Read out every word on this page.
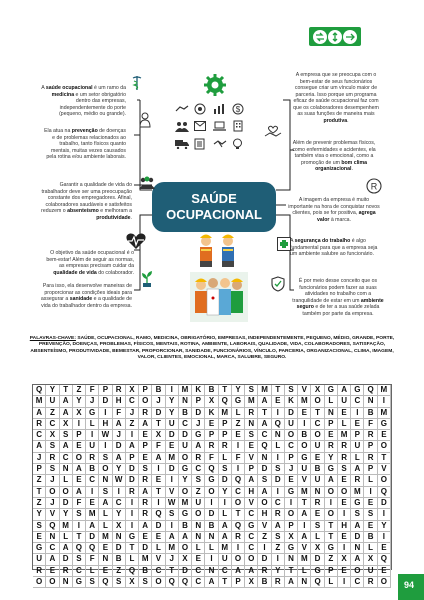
SAÚDE
OCUPACIONAL
A saúde ocupacional é um ramo da medicina e um setor obrigatório dentro das empresas, independentemente do porte (pequeno, médio ou grande).
Ela atua na prevenção de doenças e de problemas relacionados ao trabalho, tanto físicos quanto mentais, muitas vezes causados pela rotina e/ou ambiente laborais.
Garantir a qualidade de vida do trabalhador deve ser uma preocupação constante dos empregadores. Afinal, colaboradores saudáveis e satisfeitos reduzem o absenteísmo e melhoram a produtividade.
O objetivo da saúde ocupacional é o bem-estar! Além de seguir as normas, as empresas precisam cuidar da qualidade de vida do colaborador.
Para isso, ela desenvolve maneiras de proporcionar as condições ideais para assegurar a sanidade e a qualidade de vida do trabalhador dentro da empresa.
A empresa que se preocupa com o bem-estar de seus funcionários consegue criar um vínculo maior de parceria. Isso porque um programa eficaz de saúde ocupacional faz com que os colaboradores desempenhem as suas funções de maneira mais produtiva.
Além de prevenir problemas físicos, como enfermidades e acidentes, ela também visa o emocional, como a promoção de um bom clima organizacional.
A imagem da empresa é muito importante na hora de conquistar novos clientes, pois se for positiva, agrega valor à marca.
A segurança do trabalho é algo fundamental para que a empresa seja um ambiente salubre ao funcionário.
É por meio desse conceito que os funcionários podem fazer as suas atividades no trabalho com a tranquilidade de estar em um ambiente seguro e de ter a sua saúde zelada também por parte da empresa.
$
R
PALAVRAS-CHAVE: SAÚDE, OCUPACIONAL, RAMO, MEDICINA, OBRIGATÓRIO, EMPRESAS, INDEPENDENTEMENTE, PEQUENO, MÉDIO, GRANDE, PORTE, PREVENÇÃO, DOENÇAS, PROBLEMAS, FÍSICOS, MENTAIS, ROTINA, AMBIENTE, LABORAIS, QUALIDADE, VIDA, COLABORADORES, SATISFAÇÃO, ABSENTEÍSMO, PRODUTIVIDADE, BEMESTAR, PROPORCIONAR, SANIDADE, FUNCIONÁRIOS, VÍNCULO, PARCERIA, ORGANIZACIONAL, CLIMA, IMAGEM, VALOR, CLIENTES, EMOCIONAL, MARCA, SALUBRE, SEGURO.
Q Y	T	Z	F	P R X P B	I	M K B T	Y S M T	S V X G A G Q M
M U A Y	J	D H C O J	Y N P X Q G M A E K M O L U C N	I
A Z A X G	I	F	J	R D Y B D K M L R T	I	D E	T N E	I	B M
R C X	I	L H A Z A T U C	J	E P	Z N A Q U	I	C P	L	E	F G
C X S P	I	W J	I	E X D D G P P E S C N O B O E M P R E
A S A E U	I	D A P	F	E U A R R	I	E Q L C O U R R U P O
J	R C O R S A P E A M O R F	L	F	V N	I	P G E Y R L R T
P S N A B O Y D S	I	D G C Q S	I	P D S	J	U B G S A P V
Z	J	L	E C N W D R E	I	Y S G D Q A S D E V U A E R L O
T O O A	I	S	I	R A T	V O Z O Y C H A	I	G M N O O M	I	Q
Z	J	D F	E A C	I	R	I	W M U	I	I	O V O C	I	T R	I	E G E D
Y V Y S M L	Y	I	R Q S G O D L	T C H R O A E O	I	S S	I
S Q M	I	A L	X	I	A D	I	B N B A Q G V A P	I	S	T H A E Y
E N L	T D M N G E E A A N N A R C Z	S X A L	T	E D B	I
G C A Q Q E D T D L M O L	L M	I	C	I	Z G V X G	I	N L	E
U A D S	F N B L M V	J	X E	I	U O O D	I	N M D Z	X A X Q
R E R C L	E	Z Q B C T D C N C A A R Y	T	L G P E O U E
O O N G S Q S X S O Q Q C A T	P X B R A N Q L	I	C R O	94
